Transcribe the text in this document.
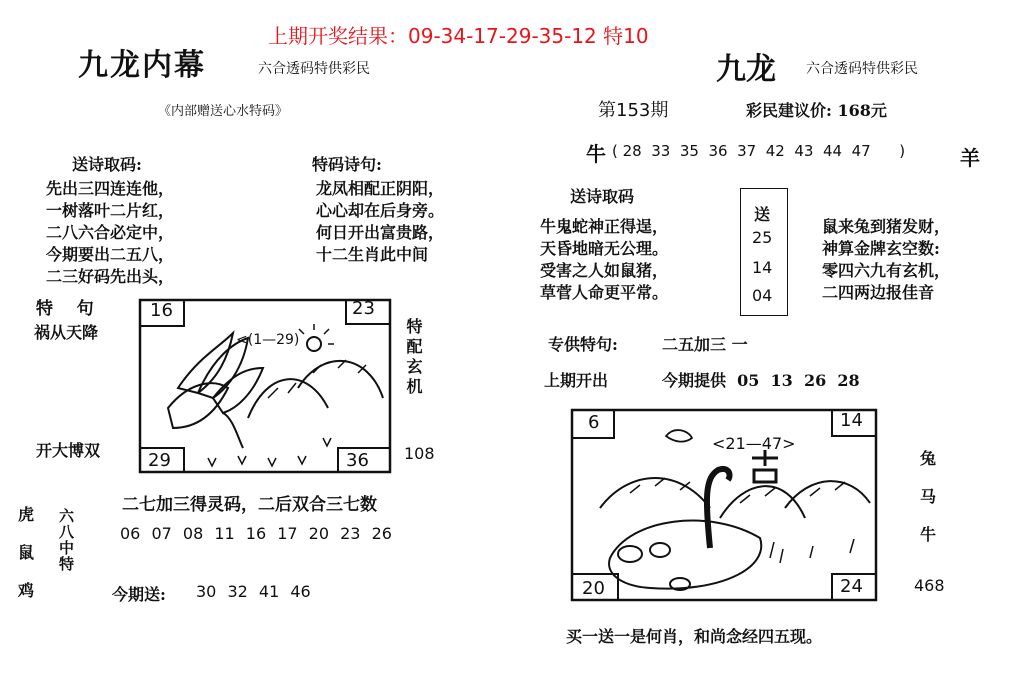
上期开奖结果：09-34-17-29-35-12 特10
九龙内幕	六合透码特供彩民
《内部赠送心水特码》
送诗取码:
先出三四连连他，
一树落叶二片红，
二八六合必定中，
今期要出二五八，
二三好码先出头，
特码诗句:
龙凤相配正阴阳，
心心却在后身旁。
何日开出富贵路，
十二生肖此中间
特    句
祸从天降
开大博双
16	23
29	36
<(1—29)	特配玄机
108
二七加三得灵码，二后双合三七数
06 07 08 11 16 17 20 23 26
虎
鼠
鸡
六八中特
今期送: 30 32 41 46
九龙 六合透码特供彩民
第153期	彩民建议价: 168元
牛 ( 28  33  35  36  37  42  43  44  47      )	羊
送诗取码
牛鬼蛇神正得逞，
天昏地暗无公理。
受害之人如鼠猪，
草菅人命更平常。
送
25
14
04
鼠来兔到猪发财，
神算金牌玄空数:
零四六九有玄机，
二四两边报佳音
专供特句:	二五加三 一
上期开出	今期提供  05  13  26  28
6	14
20	24
<21—47>
兔
马
牛
468
买一送一是何肖，和尚念经四五现。
